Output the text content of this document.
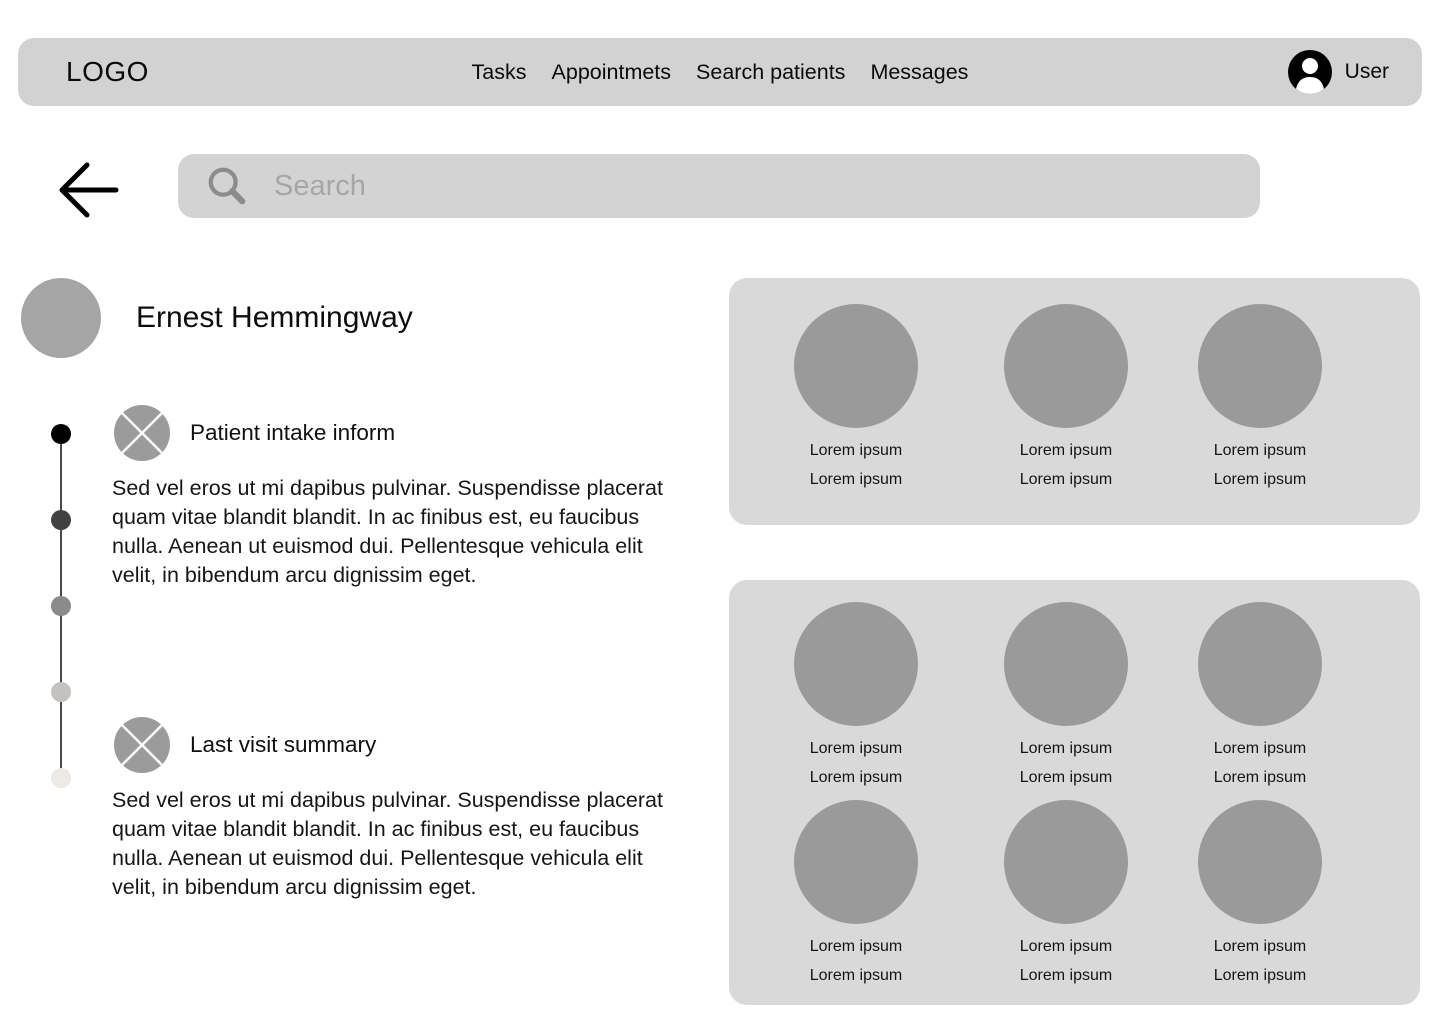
LOGO	Tasks Appointmets Search patients Messages	User
Search
Ernest Hemmingway
Patient intake inform

Sed vel eros ut mi dapibus pulvinar. Suspendisse placerat quam vitae blandit blandit. In ac finibus est, eu faucibus nulla. Aenean ut euismod dui. Pellentesque vehicula elit velit, in bibendum arcu dignissim eget.

Last visit summary

Sed vel eros ut mi dapibus pulvinar. Suspendisse placerat quam vitae blandit blandit. In ac finibus est, eu faucibus nulla. Aenean ut euismod dui. Pellentesque vehicula elit velit, in bibendum arcu dignissim eget.

Lorem ipsum
Lorem ipsum
Lorem ipsum
Lorem ipsum
Lorem ipsum
Lorem ipsum
Lorem ipsum
Lorem ipsum
Lorem ipsum
Lorem ipsum
Lorem ipsum
Lorem ipsum
Lorem ipsum
Lorem ipsum
Lorem ipsum
Lorem ipsum
Lorem ipsum
Lorem ipsum
